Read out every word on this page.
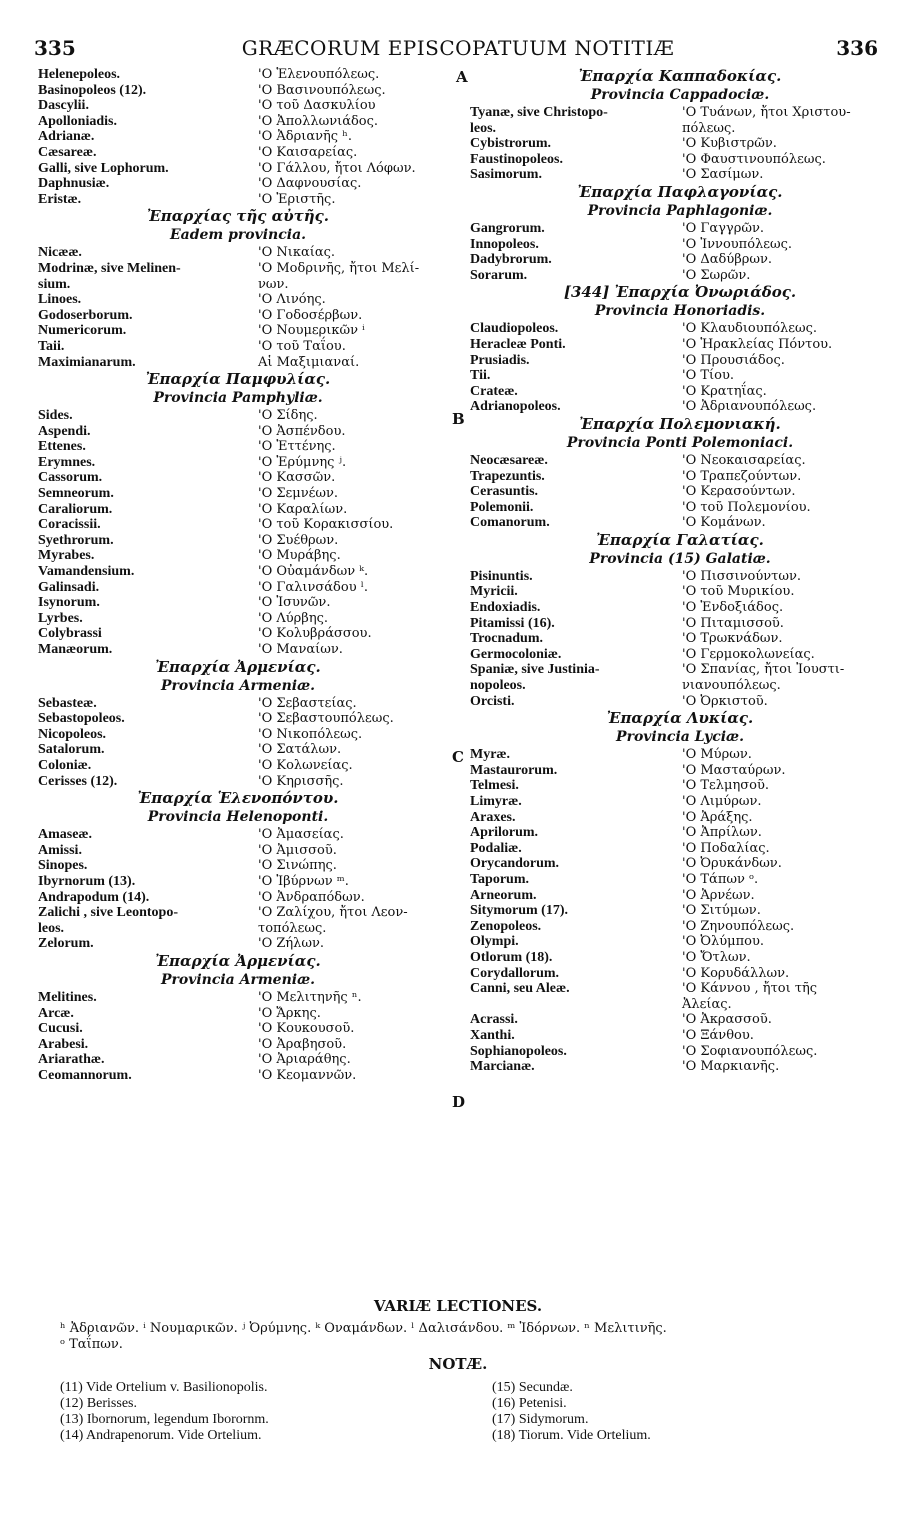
335	GRÆCORUM EPISCOPATUUM NOTITIÆ	336
Helenepoleos.	'Ο Ἑλενουπόλεως.
Basinopoleos (12).	'Ο Βασινουπόλεως.
Dascylii.	'Ο τοῦ Δασκυλίου
Apolloniadis.	'Ο Ἀπολλωνιάδος.
Adrianæ.	'Ο Ἀδριανῆς ʰ.
Cæsareæ.	'Ο Καισαρείας.
Galli, sive Lophorum.	'Ο Γάλλου, ἤτοι Λόφων.
Daphnusiæ.	'Ο Δαφνουσίας.
Eristæ.	'Ο Ἐριστῆς.
Ἐπαρχίας τῆς αὐτῆς.
Eadem provincia.
Nicææ.	'Ο Νικαίας.
Modrinæ, sive Melinen-	'Ο Μοδρινῆς, ἤτοι Μελί-
sium.	νων.
Linoes.	'Ο Λινόης.
Godoserborum.	'Ο Γοδοσέρβων.
Numericorum.	'Ο Νουμερικῶν ⁱ
Taii.	'Ο τοῦ Ταΐου.
Maximianarum.	Αἱ Μαξιμιαναί.
Ἐπαρχία Παμφυλίας.
Provincia Pamphyliæ.
Sides.	'Ο Σίδης.
Aspendi.	'Ο Ἀσπένδου.
Ettenes.	'Ο Ἐττένης.
Erymnes.	'Ο Ἐρύμνης ʲ.
Cassorum.	'Ο Κασσῶν.
Semneorum.	'Ο Σεμνέων.
Caraliorum.	'Ο Καραλίων.
Coracissii.	'Ο τοῦ Κορακισσίου.
Syethrorum.	'Ο Συέθρων.
Myrabes.	'Ο Μυράβης.
Vamandensium.	'Ο Οὐαμάνδων ᵏ.
Galinsadi.	'Ο Γαλινσάδου ˡ.
Isynorum.	'Ο Ἰσυνῶν.
Lyrbes.	'Ο Λύρβης.
Colybrassi	'Ο Κολυβράσσου.
Manæorum.	'Ο Μαναίων.
Ἐπαρχία Ἀρμενίας.
Provincia Armeniæ.
Sebasteæ.	'Ο Σεβαστείας.
Sebastopoleos.	'Ο Σεβαστουπόλεως.
Nicopoleos.	'Ο Νικοπόλεως.
Satalorum.	'Ο Σατάλων.
Coloniæ.	'Ο Κολωνείας.
Cerisses (12).	'Ο Κηρισσῆς.
Ἐπαρχία Ἑλενοπόντου.
Provincia Helenoponti.
Amaseæ.	'Ο Ἀμασείας.
Amissi.	'Ο Ἀμισσοῦ.
Sinopes.	'Ο Σινώπης.
Ibyrnorum (13).	'Ο Ἰβύρνων ᵐ.
Andrapodum (14).	'Ο Ἀνδραπόδων.
Zalichi , sive Leontopo-	'Ο Ζαλίχου, ἤτοι Λεον-
leos.	τοπόλεως.
Zelorum.	'Ο Ζήλων.
Ἐπαρχία Ἀρμενίας.
Provincia Armeniæ.
Melitines.	'Ο Μελιτηνῆς ⁿ.
Arcæ.	'Ο Ἄρκης.
Cucusi.	'Ο Κουκουσοῦ.
Arabesi.	'Ο Ἀραβησοῦ.
Ariarathæ.	'Ο Ἀριαράθης.
Ceomannorum.	'Ο Κεομαννῶν.
Ἐπαρχία Καππαδοκίας.
Provincia Cappadociæ.
Tyanæ, sive Christopo-	'Ο Τυάνων, ἤτοι Χριστου-
leos.	πόλεως.
Cybistrorum.	'Ο Κυβιστρῶν.
Faustinopoleos.	'Ο Φαυστινουπόλεως.
Sasimorum.	'Ο Σασίμων.
Ἐπαρχία Παφλαγονίας.
Provincia Paphlagoniæ.
Gangrorum.	'Ο Γαγγρῶν.
Innopoleos.	'Ο Ἰννουπόλεως.
Dadybrorum.	'Ο Δαδύβρων.
Sorarum.	'Ο Σωρῶν.
[344] Ἐπαρχία Ὀνωριάδος.
Provincia Honoriadis.
Claudiopoleos.	'Ο Κλαυδιουπόλεως.
Heracleæ Ponti.	'Ο Ἡρακλείας Πόντου.
Prusiadis.	'Ο Προυσιάδος.
Tii.	'Ο Τίου.
Crateæ.	'Ο Κρατηΐας.
Adrianopoleos.	'Ο Ἀδριανουπόλεως.
Ἐπαρχία Πολεμονιακή.
Provincia Ponti Polemoniaci.
Neocæsareæ.	'Ο Νεοκαισαρείας.
Trapezuntis.	'Ο Τραπεζούντων.
Cerasuntis.	'Ο Κερασούντων.
Polemonii.	'Ο τοῦ Πολεμονίου.
Comanorum.	'Ο Κομάνων.
Ἐπαρχία Γαλατίας.
Provincia (15) Galatiæ.
Pisinuntis.	'Ο Πισσινούντων.
Myricii.	'Ο τοῦ Μυρικίου.
Endoxiadis.	'Ο Ἐνδοξιάδος.
Pitamissi (16).	'Ο Πιταμισσοῦ.
Trocnadum.	'Ο Τρωκνάδων.
Germocoloniæ.	'Ο Γερμοκολωνείας.
Spaniæ, sive Justinia-	'Ο Σπανίας, ἤτοι Ἰουστι-
nopoleos.	νιανουπόλεως.
Orcisti.	'Ο Ὀρκιστοῦ.
Ἐπαρχία Λυκίας.
Provincia Lyciæ.
Myræ.	'Ο Μύρων.
Mastaurorum.	'Ο Μασταύρων.
Telmesi.	'Ο Τελμησοῦ.
Limyræ.	'Ο Λιμύρων.
Araxes.	'Ο Ἀράξης.
Aprilorum.	'Ο Ἀπρίλων.
Podaliæ.	'Ο Ποδαλίας.
Orycandorum.	'Ο Ὀρυκάνδων.
Taporum.	'Ο Τάπων ᵒ.
Arneorum.	'Ο Ἀρνέων.
Sitymorum (17).	'Ο Σιτύμων.
Zenopoleos.	'Ο Ζηνουπόλεως.
Olympi.	'Ο Ὀλύμπου.
Otlorum (18).	'Ο Ὄτλων.
Corydallorum.	'Ο Κορυδάλλων.
Canni, seu Aleæ.	'Ο Κάννου , ἤτοι τῆς
Ἀλείας.
Acrassi.	'Ο Ἀκρασσοῦ.
Xanthi.	'Ο Ξάνθου.
Sophianopoleos.	'Ο Σοφιανουπόλεως.
Marcianæ.	'Ο Μαρκιανῆς.
A
B
C
D
VARIÆ LECTIONES.
ʰ Ἀδριανῶν. ⁱ Νουμαρικῶν. ʲ Ὀρύμνης. ᵏ Οναμάνδων. ˡ Δαλισάνδου. ᵐ Ἰδόρνων. ⁿ Μελιτινῆς.
ᵒ Ταΐπων.
NOTÆ.
(11) Vide Ortelium v. Basilionopolis.
(12) Berisses.
(13) Ibornorum, legendum Iborornm.
(14) Andrapenorum. Vide Ortelium.
(15) Secundæ.
(16) Petenisi.
(17) Sidymorum.
(18) Tiorum. Vide Ortelium.
